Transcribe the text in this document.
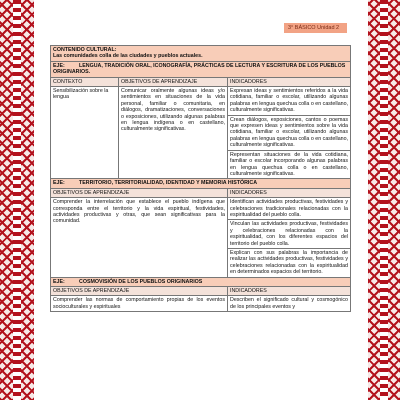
3° BÁSICO Unidad 2
CONTENIDO CULTURAL:
Las comunidades colla de las ciudades y pueblos actuales.		

EJE: LENGUA, TRADICIÓN ORAL, ICONOGRAFÍA, PRÁCTICAS DE LECTURA Y ESCRITURA DE LOS PUEBLOS ORIGINARIOS.		
CONTEXTO	OBJETIVOS DE APRENDIZAJE	INDICADORES
Sensibilización sobre la lengua	Comunicar oralmente algunas ideas y/o sentimientos en situaciones de la vida personal, familiar o comunitaria, en diálogos, dramatizaciones, conversaciones o exposiciones, utilizando algunas palabras en lengua indígena o en castellano, culturalmente significativas.	Expresan ideas y sentimientos referidos a la vida cotidiana, familiar o escolar, utilizando algunas palabras en lengua quechua colla o en castellano, culturalmente significativas.
		Crean diálogos, exposiciones, cantos o poemas que expresen ideas y sentimientos sobre la vida cotidiana, familiar o escolar, utilizando algunas palabras en lengua quechua colla o en castellano, culturalmente significativas.
		Representan situaciones de la vida cotidiana, familiar o escolar incorporando algunas palabras en lengua quechua colla o en castellano, culturalmente significativas.
EJE: TERRITORIO, TERRITORIALIDAD, IDENTIDAD Y MEMORIA HISTÓRICA		
OBJETIVOS DE APRENDIZAJE		INDICADORES
Comprender la interrelación que establece el pueblo indígena que corresponda entre el territorio y la vida espiritual, festividades, actividades productivas y otras, que sean significativas para la comunidad.		Identifican actividades productivas, festividades y celebraciones tradicionales relacionadas con la espiritualidad del pueblo colla.
		Vinculan las actividades productivas, festividades y celebraciones relacionadas con la espiritualidad, con los diferentes espacios del territorio del pueblo colla.
		Explican con sus palabras la importancia de realizar las actividades productivas, festividades y celebraciones relacionadas con la espiritualidad en determinados espacios del territorio.
EJE: COSMOVISIÓN DE LOS PUEBLOS ORIGINARIOS		
OBJETIVOS DE APRENDIZAJE		INDICADORES
Comprender las normas de comportamiento propias de los eventos socioculturales y espirituales		Describen el significado cultural y cosmogónico de los principales eventos y
